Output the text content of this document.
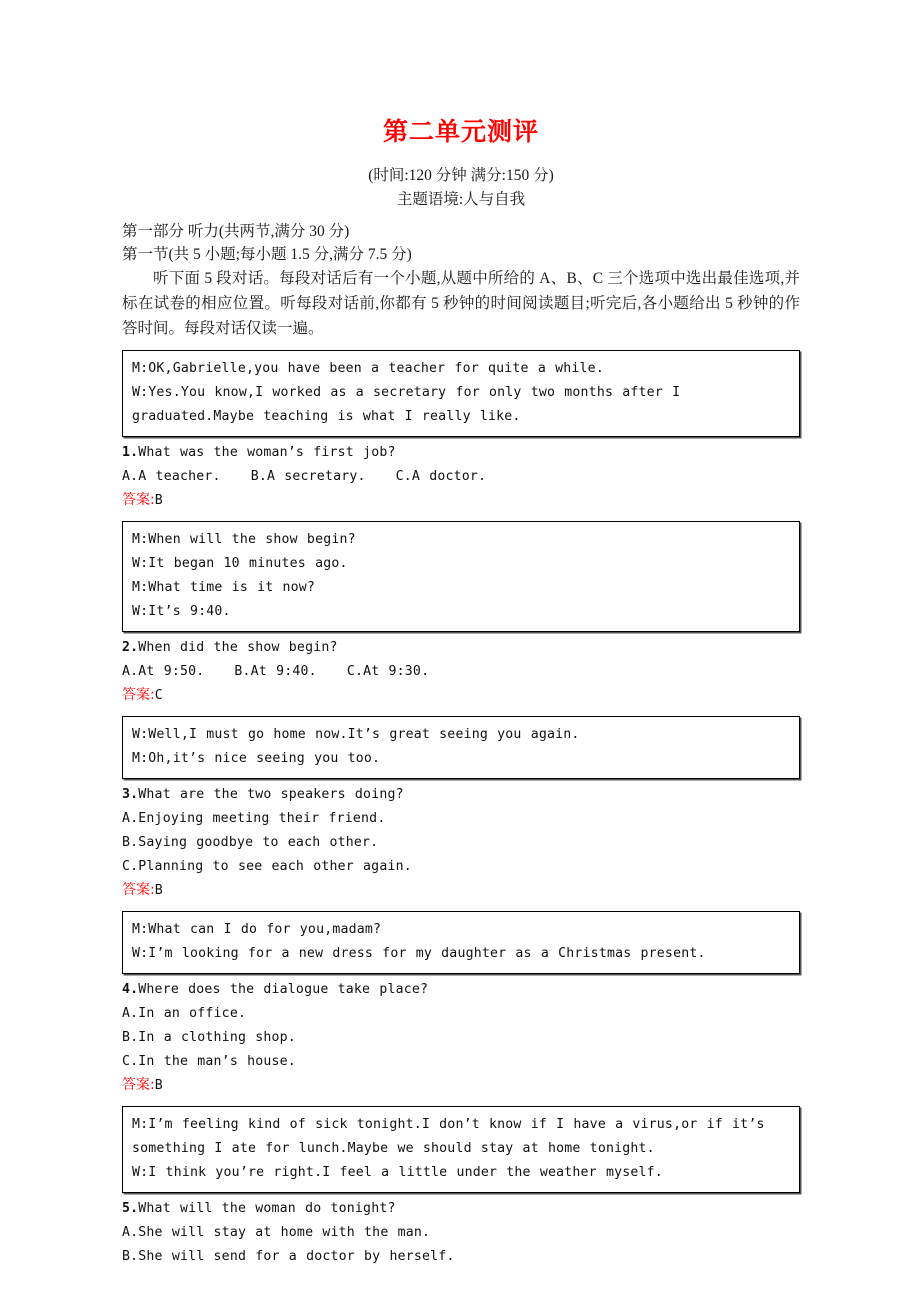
第二单元测评
(时间:120 分钟 满分:150 分)
主题语境:人与自我
第一部分 听力(共两节,满分 30 分)
第一节(共 5 小题;每小题 1.5 分,满分 7.5 分)
听下面 5 段对话。每段对话后有一个小题,从题中所给的 A、B、C 三个选项中选出最佳选项,并标在试卷的相应位置。听每段对话前,你都有 5 秒钟的时间阅读题目;听完后,各小题给出 5 秒钟的作答时间。每段对话仅读一遍。
M:OK,Gabrielle,you have been a teacher for quite a while.
W:Yes.You know,I worked as a secretary for only two months after I graduated.Maybe teaching is what I really like.
1.What was the woman’s first job?
A.A teacher. B.A secretary. C.A doctor.
答案:B
M:When will the show begin?
W:It began 10 minutes ago.
M:What time is it now?
W:It’s 9:40.
2.When did the show begin?
A.At 9:50. B.At 9:40. C.At 9:30.
答案:C
W:Well,I must go home now.It’s great seeing you again.
M:Oh,it’s nice seeing you too.
3.What are the two speakers doing?
A.Enjoying meeting their friend.
B.Saying goodbye to each other.
C.Planning to see each other again.
答案:B
M:What can I do for you,madam?
W:I’m looking for a new dress for my daughter as a Christmas present.
4.Where does the dialogue take place?
A.In an office.
B.In a clothing shop.
C.In the man’s house.
答案:B
M:I’m feeling kind of sick tonight.I don’t know if I have a virus,or if it’s something I ate for lunch.Maybe we should stay at home tonight.
W:I think you’re right.I feel a little under the weather myself.
5.What will the woman do tonight?
A.She will stay at home with the man.
B.She will send for a doctor by herself.
